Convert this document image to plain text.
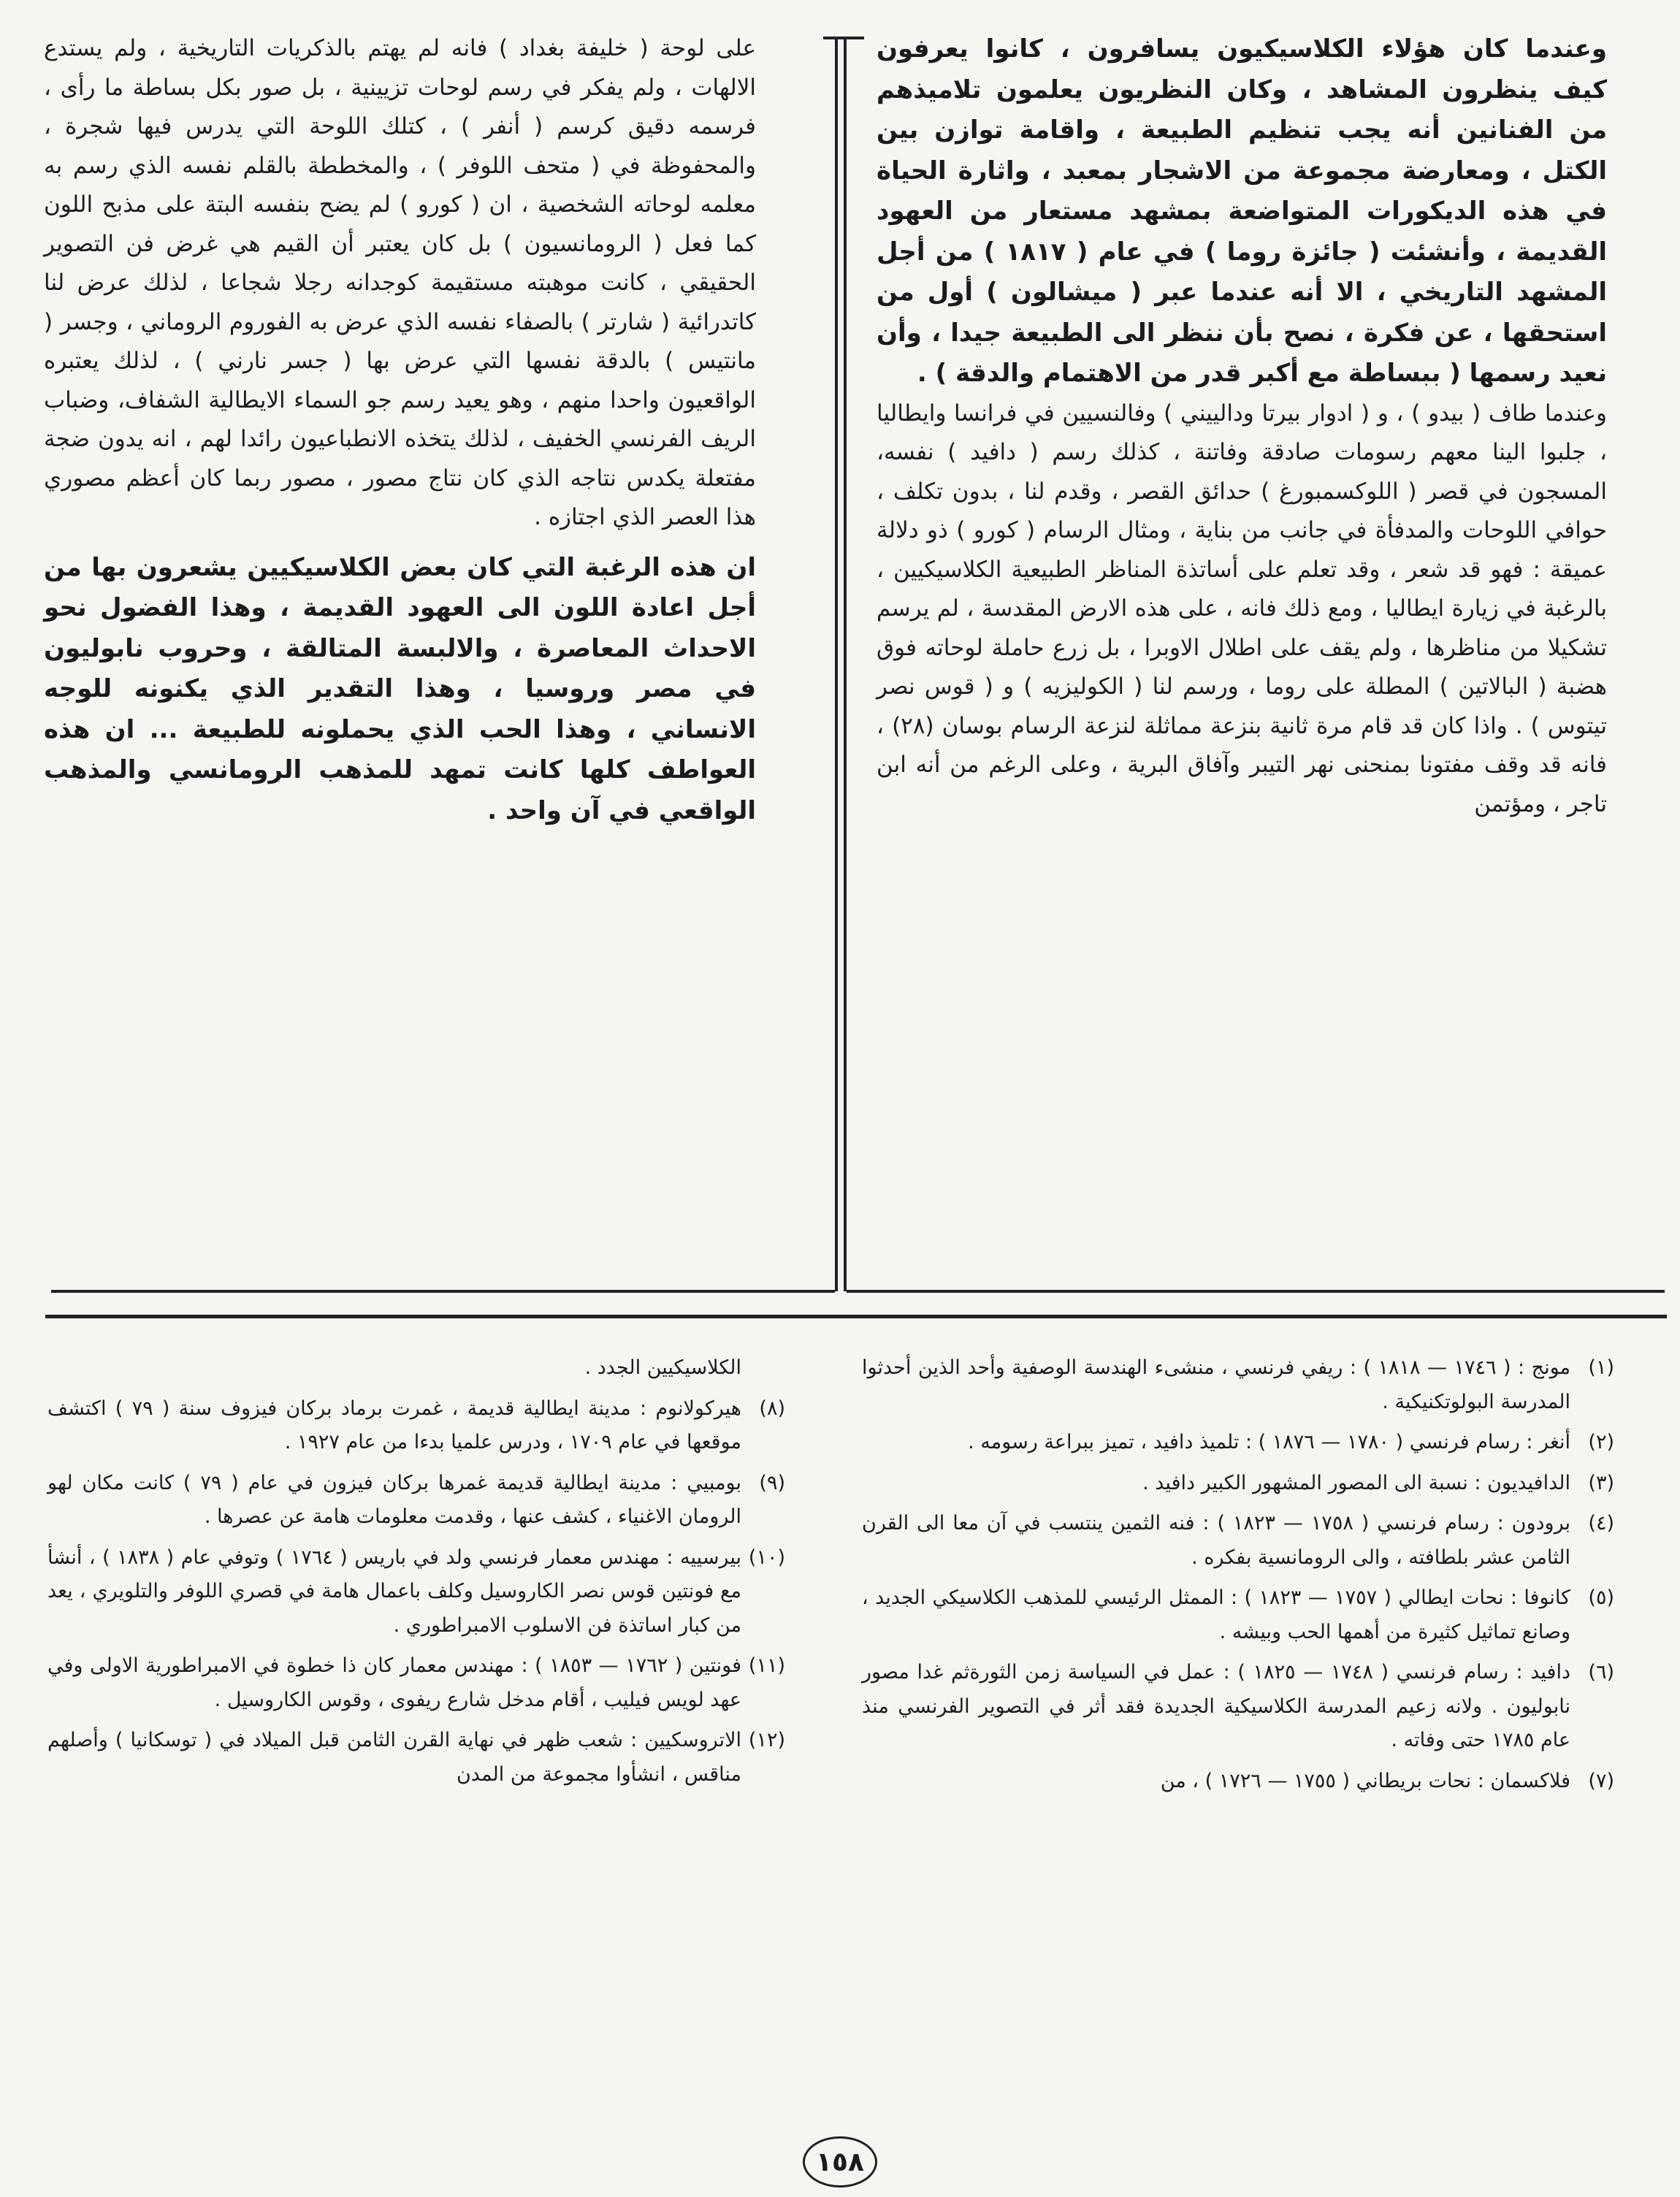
وعندما كان هؤلاء الكلاسيكيون يسافرون ، كانوا يعرفون كيف ينظرون المشاهد ، وكان النظريون يعلمون تلاميذهم من الفنانين أنه يجب تنظيم الطبيعة ، واقامة توازن بين الكتل ، ومعارضة مجموعة من الاشجار بمعبد ، واثارة الحياة في هذه الديكورات المتواضعة بمشهد مستعار من العهود القديمة ، وأنشئت ( جائزة روما ) في عام ( ١٨١٧ ) من أجل المشهد التاريخي ، الا أنه عندما عبر ( ميشالون ) أول من استحقها ، عن فكرة ، نصح بأن ننظر الى الطبيعة جيدا ، وأن نعيد رسمها ( ببساطة مع أكبر قدر من الاهتمام والدقة ) .

وعندما طاف ( بيدو ) ، و ( ادوار بيرتا ودالييني ) وفالنسيين في فرانسا وايطاليا ، جلبوا الينا معهم رسومات صادقة وفاتنة ، كذلك رسم ( دافيد ) نفسه، المسجون في قصر ( اللوكسمبورغ ) حدائق القصر ، وقدم لنا ، بدون تكلف ، حوافي اللوحات والمدفأة في جانب من بناية ، ومثال الرسام ( كورو ) ذو دلالة عميقة : فهو قد شعر ، وقد تعلم على أساتذة المناظر الطبيعية الكلاسيكيين ، بالرغبة في زيارة ايطاليا ، ومع ذلك فانه ، على هذه الارض المقدسة ، لم يرسم تشكيلا من مناظرها ، ولم يقف على اطلال الاوبرا ، بل زرع حاملة لوحاته فوق هضبة ( البالاتين ) المطلة على روما ، ورسم لنا ( الكوليزيه ) و ( قوس نصر تيتوس ) . واذا كان قد قام مرة ثانية بنزعة مماثلة لنزعة الرسام بوسان (٢٨) ، فانه قد وقف مفتونا بمنحنى نهر التيبر وآفاق البرية ، وعلى الرغم من أنه ابن تاجر ، ومؤتمن

على لوحة ( خليفة بغداد ) فانه لم يهتم بالذكريات التاريخية ، ولم يستدع الالهات ، ولم يفكر في رسم لوحات تزيينية ، بل صور بكل بساطة ما رأى ، فرسمه دقيق كرسم ( أنفر ) ، كتلك اللوحة التي يدرس فيها شجرة ، والمحفوظة في ( متحف اللوفر ) ، والمخططة بالقلم نفسه الذي رسم به معلمه لوحاته الشخصية ، ان ( كورو ) لم يضح بنفسه البتة على مذبح اللون كما فعل ( الرومانسيون ) بل كان يعتبر أن القيم هي غرض فن التصوير الحقيقي ، كانت موهبته مستقيمة كوجدانه رجلا شجاعا ، لذلك عرض لنا كاتدرائية ( شارتر ) بالصفاء نفسه الذي عرض به الفوروم الروماني ، وجسر ( مانتيس ) بالدقة نفسها التي عرض بها ( جسر نارني ) ، لذلك يعتبره الواقعيون واحدا منهم ، وهو يعيد رسم جو السماء الايطالية الشفاف، وضباب الريف الفرنسي الخفيف ، لذلك يتخذه الانطباعيون رائدا لهم ، انه يدون ضجة مفتعلة يكدس نتاجه الذي كان نتاج مصور ، مصور ربما كان أعظم مصوري هذا العصر الذي اجتازه .

ان هذه الرغبة التي كان بعض الكلاسيكيين يشعرون بها من أجل اعادة اللون الى العهود القديمة ، وهذا الفضول نحو الاحداث المعاصرة ، والالبسة المتالقة ، وحروب نابوليون في مصر وروسيا ، وهذا التقدير الذي يكنونه للوجه الانساني ، وهذا الحب الذي يحملونه للطبيعة ... ان هذه العواطف كلها كانت تمهد للمذهب الرومانسي والمذهب الواقعي في آن واحد .

(١)
مونج : ( ١٧٤٦ — ١٨١٨ ) : ريفي فرنسي ، منشىء الهندسة الوصفية وأحد الذين أحدثوا المدرسة البولوتكنيكية .
(٢)
أنغر : رسام فرنسي ( ١٧٨٠ — ١٨٧٦ ) : تلميذ دافيد ، تميز ببراعة رسومه .
(٣)
الدافيديون : نسبة الى المصور المشهور الكبير دافيد .
(٤)
برودون : رسام فرنسي ( ١٧٥٨ — ١٨٢٣ ) : فنه الثمين ينتسب في آن معا الى القرن الثامن عشر بلطافته ، والى الرومانسية بفكره .
(٥)
كانوفا : نحات ايطالي ( ١٧٥٧ — ١٨٢٣ ) : الممثل الرئيسي للمذهب الكلاسيكي الجديد ، وصانع تماثيل كثيرة من أهمها الحب وبيشه .
(٦)
دافيد : رسام فرنسي ( ١٧٤٨ — ١٨٢٥ ) : عمل في السياسة زمن الثورةثم غدا مصور نابوليون . ولانه زعيم المدرسة الكلاسيكية الجديدة فقد أثر في التصوير الفرنسي منذ عام ١٧٨٥ حتى وفاته .
(٧)
فلاكسمان : نحات بريطاني ( ١٧٥٥ — ١٧٢٦ ) ، من
الكلاسيكيين الجدد .
(٨)
هيركولانوم : مدينة ايطالية قديمة ، غمرت برماد بركان فيزوف سنة ( ٧٩ ) اكتشف موقعها في عام ١٧٠٩ ، ودرس علميا بدءا من عام ١٩٢٧ .
(٩)
بومبيي : مدينة ايطالية قديمة غمرها بركان فيزون في عام ( ٧٩ ) كانت مكان لهو الرومان الاغنياء ، كشف عنها ، وقدمت معلومات هامة عن عصرها .
(١٠)
بيرسييه : مهندس معمار فرنسي ولد في باريس ( ١٧٦٤ ) وتوفي عام ( ١٨٣٨ ) ، أنشأ مع فونتين قوس نصر الكاروسيل وكلف باعمال هامة في قصري اللوفر والتلويري ، يعد من كبار اساتذة فن الاسلوب الامبراطوري .
(١١)
فونتين ( ١٧٦٢ — ١٨٥٣ ) : مهندس معمار كان ذا خطوة في الامبراطورية الاولى وفي عهد لويس فيليب ، أقام مدخل شارع ريفوى ، وقوس الكاروسيل .
(١٢)
الاتروسكيين : شعب ظهر في نهاية القرن الثامن قبل الميلاد في ( توسكانيا ) وأصلهم مناقس ، انشأوا مجموعة من المدن
١٥٨
